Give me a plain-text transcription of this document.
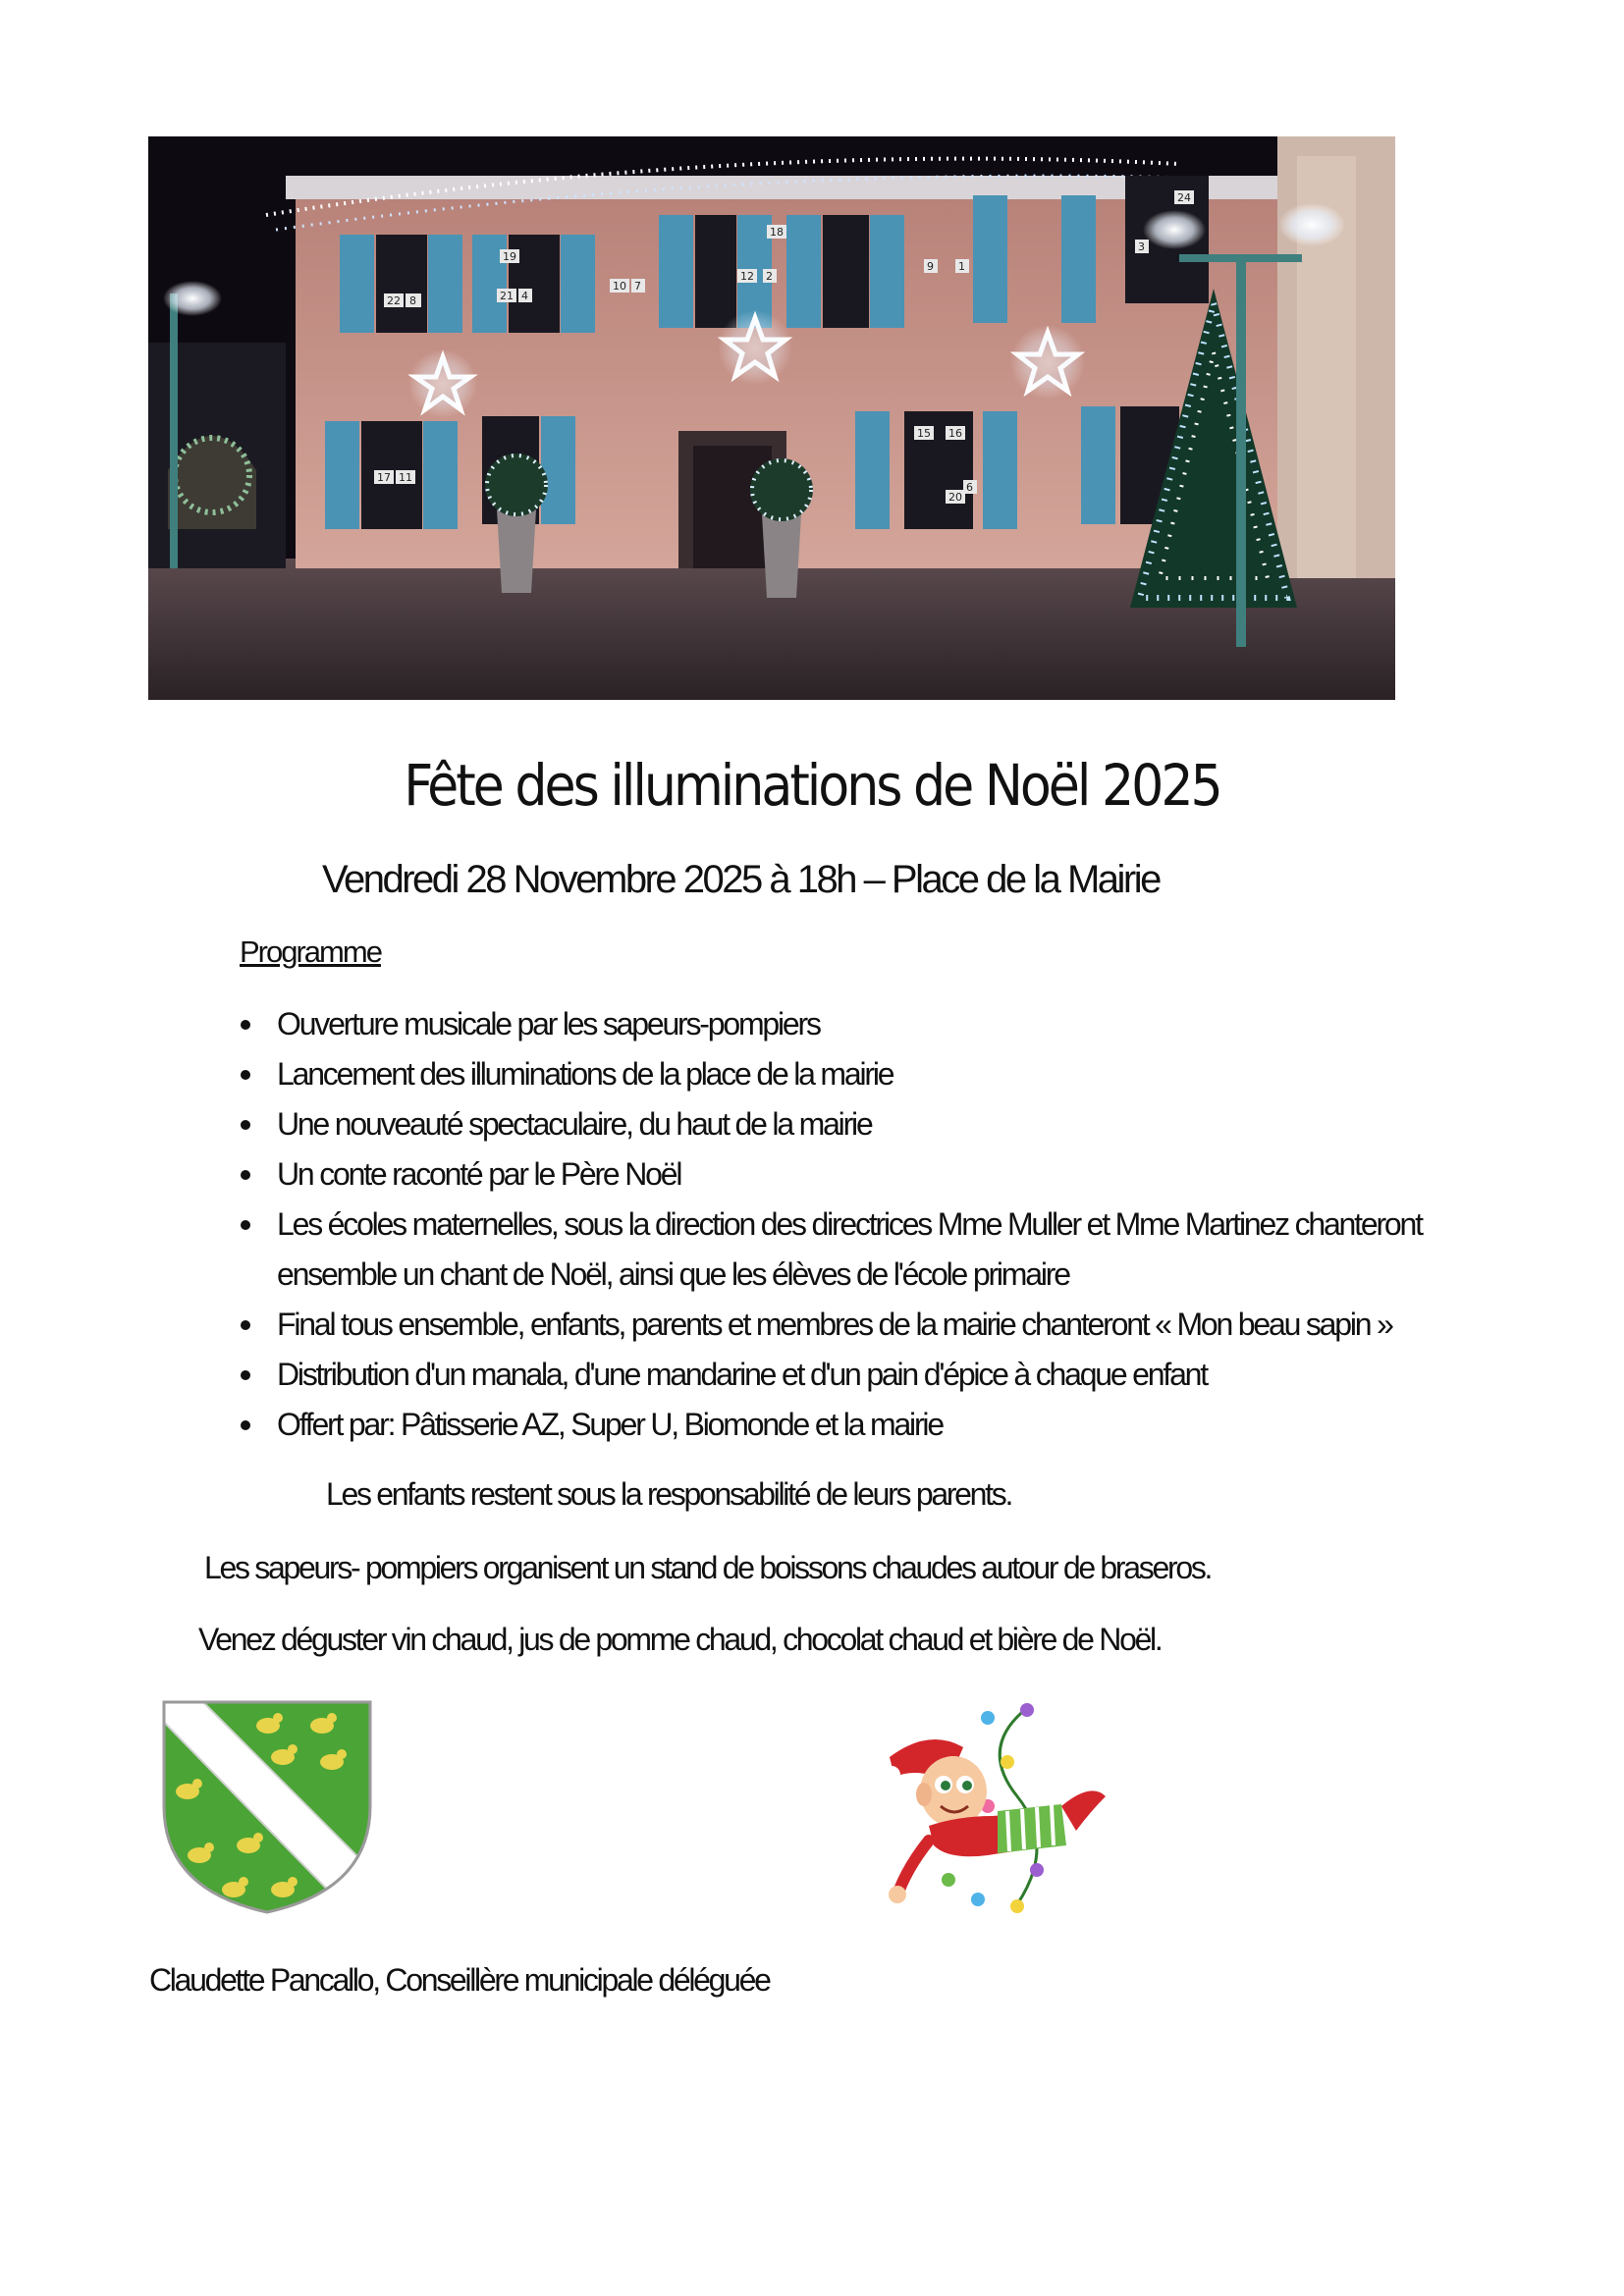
22 8
19
21 4
10 7
18
12 2
9 1
24
3
17 11
15 16
6
20
Fête des illuminations de Noël 2025
Vendredi 28 Novembre 2025 à 18h – Place de la Mairie
Programme
Ouverture musicale par les sapeurs-pompiers
Lancement des illuminations de la place de la mairie
Une nouveauté spectaculaire, du haut de la mairie
Un conte raconté par le Père Noël
Les écoles maternelles, sous la direction des directrices Mme Muller et Mme Martinez chanteront ensemble un chant de Noël, ainsi que les élèves de l'école primaire
Final tous ensemble, enfants, parents et membres de la mairie chanteront « Mon beau sapin »
Distribution d'un manala, d'une mandarine et d'un pain d'épice à chaque enfant
Offert par: Pâtisserie AZ, Super U, Biomonde et la mairie
Les enfants restent sous la responsabilité de leurs parents.
Les sapeurs- pompiers organisent un stand de boissons chaudes autour de braseros.
Venez déguster vin chaud, jus de pomme chaud, chocolat chaud et bière de Noël.
Claudette Pancallo, Conseillère municipale déléguée
